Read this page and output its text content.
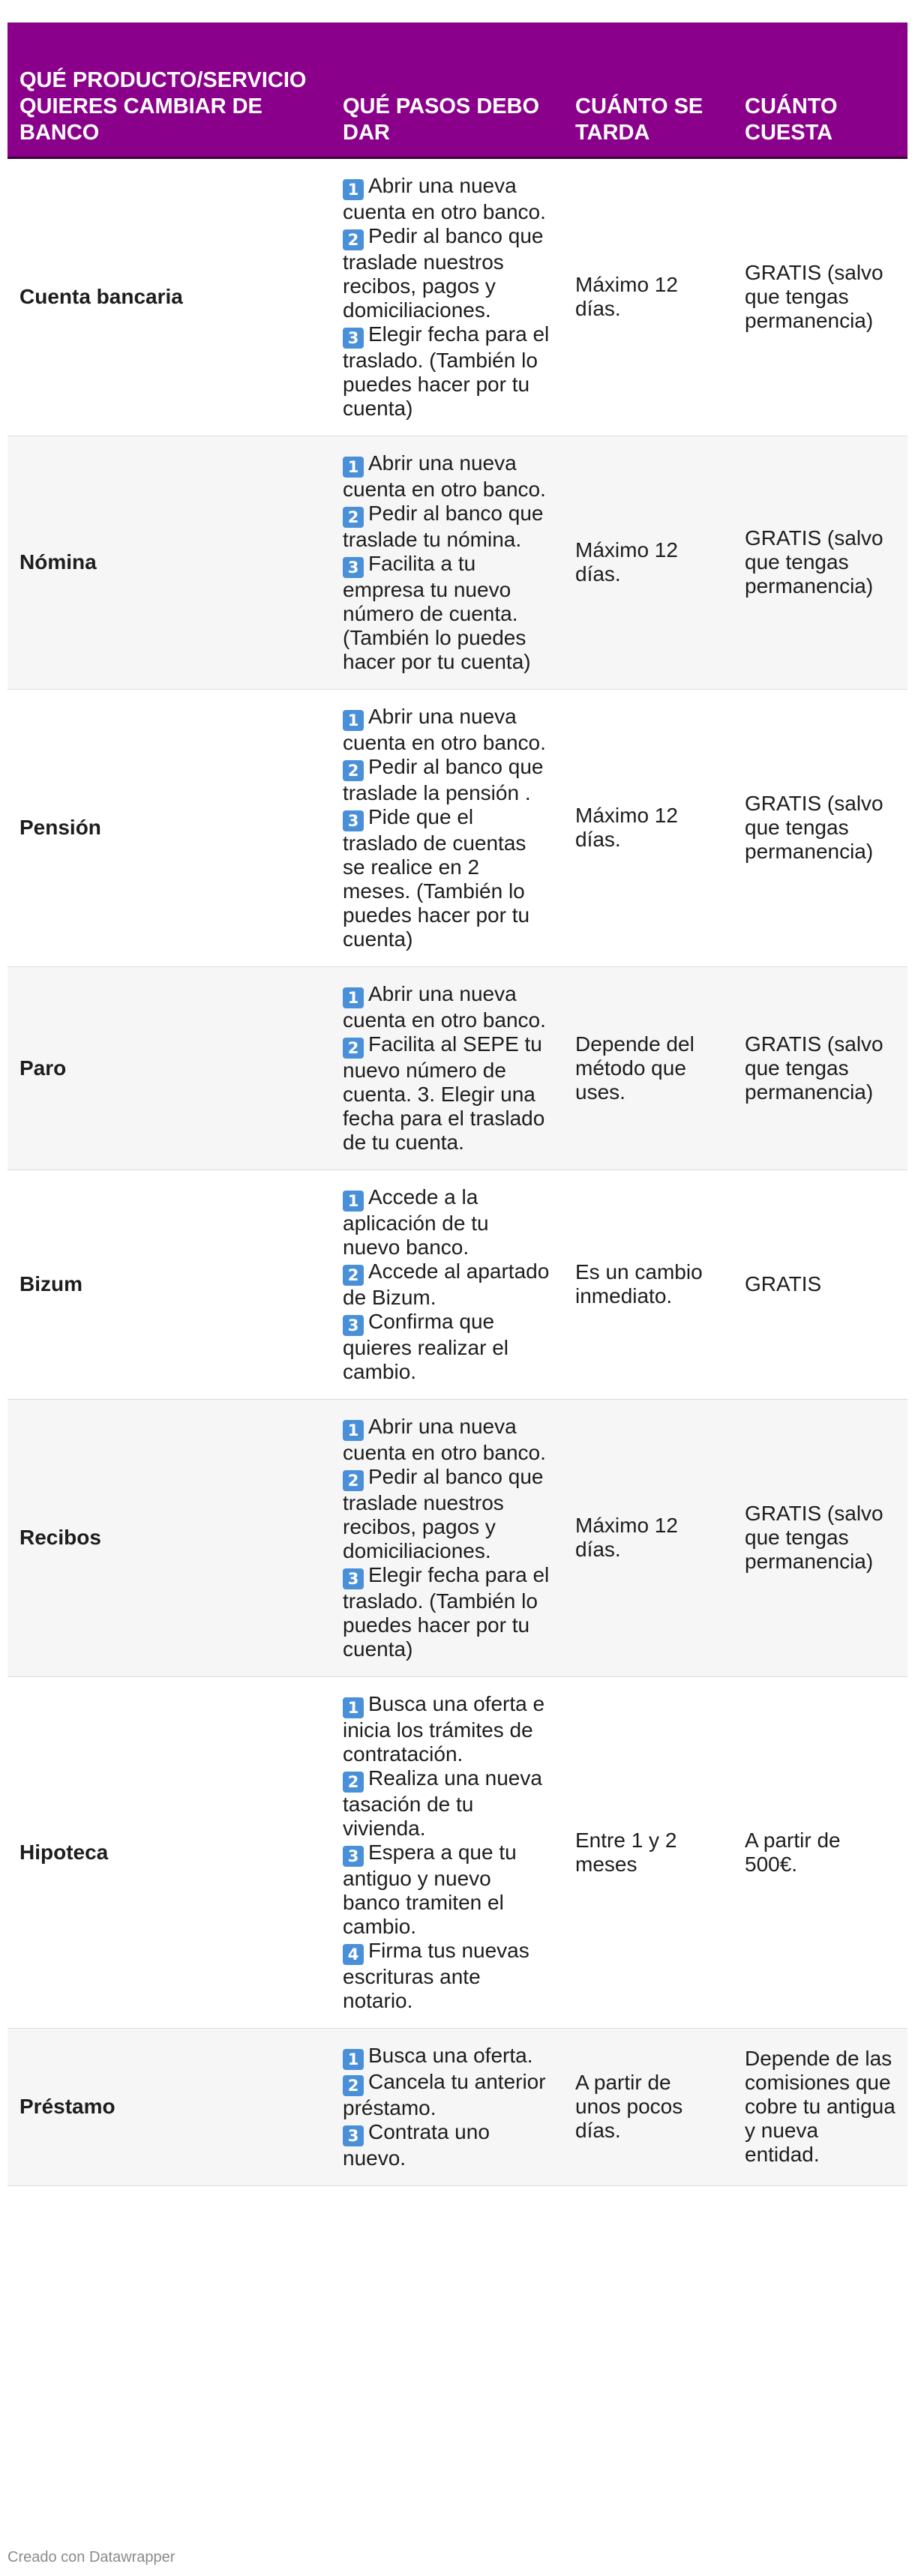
QUÉ PRODUCTO/SERVICIO QUIERES CAMBIAR DE BANCO	QUÉ PASOS DEBO DAR	CUÁNTO SE TARDA	CUÁNTO CUESTA
Cuenta bancaria	1 Abrir una nueva cuenta en otro banco.
2 Pedir al banco que traslade nuestros recibos, pagos y domiciliaciones.
3 Elegir fecha para el traslado. (También lo puedes hacer por tu cuenta)	Máximo 12 días.	GRATIS (salvo que tengas permanencia)
Nómina	1 Abrir una nueva cuenta en otro banco.
2 Pedir al banco que traslade tu nómina.
3 Facilita a tu empresa tu nuevo número de cuenta. (También lo puedes hacer por tu cuenta)	Máximo 12 días.	GRATIS (salvo que tengas permanencia)
Pensión	1 Abrir una nueva cuenta en otro banco.
2 Pedir al banco que traslade la pensión .
3 Pide que el traslado de cuentas se realice en 2 meses. (También lo puedes hacer por tu cuenta)	Máximo 12 días.	GRATIS (salvo que tengas permanencia)
Paro	1 Abrir una nueva cuenta en otro banco.
2 Facilita al SEPE tu nuevo número de cuenta. 3. Elegir una fecha para el traslado de tu cuenta.	Depende del método que uses.	GRATIS (salvo que tengas permanencia)
Bizum	1 Accede a la aplicación de tu nuevo banco.
2 Accede al apartado de Bizum.
3 Confirma que quieres realizar el cambio.	Es un cambio inmediato.	GRATIS
Recibos	1 Abrir una nueva cuenta en otro banco.
2 Pedir al banco que traslade nuestros recibos, pagos y domiciliaciones.
3 Elegir fecha para el traslado. (También lo puedes hacer por tu cuenta)	Máximo 12 días.	GRATIS (salvo que tengas permanencia)
Hipoteca	1 Busca una oferta e inicia los trámites de contratación.
2 Realiza una nueva tasación de tu vivienda.
3 Espera a que tu antiguo y nuevo banco tramiten el cambio.
4 Firma tus nuevas escrituras ante notario.	Entre 1 y 2 meses	A partir de 500€.
Préstamo	1 Busca una oferta.
2 Cancela tu anterior préstamo.
3 Contrata uno nuevo.	A partir de unos pocos días.	Depende de las comisiones que cobre tu antigua y nueva entidad.
Creado con Datawrapper
